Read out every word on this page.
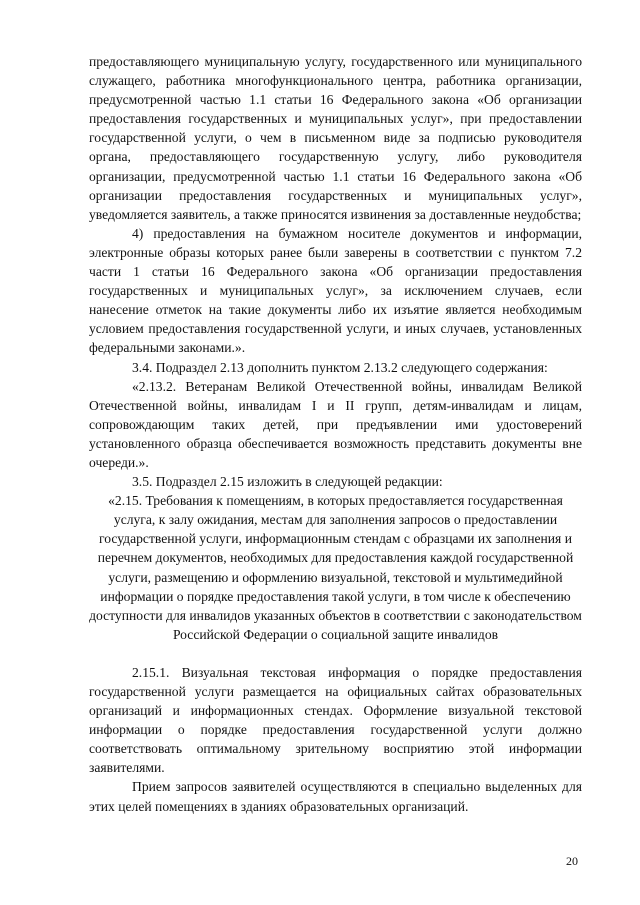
предоставляющего муниципальную услугу, государственного или муниципального служащего, работника многофункционального центра, работника организации, предусмотренной частью 1.1 статьи 16 Федерального закона «Об организации предоставления государственных и муниципальных услуг», при предоставлении государственной услуги, о чем в письменном виде за подписью руководителя органа, предоставляющего государственную услугу, либо руководителя организации, предусмотренной частью 1.1 статьи 16 Федерального закона «Об организации предоставления государственных и муниципальных услуг», уведомляется заявитель, а также приносятся извинения за доставленные неудобства;

4) предоставления на бумажном носителе документов и информации, электронные образы которых ранее были заверены в соответствии с пунктом 7.2 части 1 статьи 16 Федерального закона «Об организации предоставления государственных и муниципальных услуг», за исключением случаев, если нанесение отметок на такие документы либо их изъятие является необходимым условием предоставления государственной услуги, и иных случаев, установленных федеральными законами.».

3.4. Подраздел 2.13 дополнить пунктом 2.13.2 следующего содержания:

«2.13.2. Ветеранам Великой Отечественной войны, инвалидам Великой Отечественной войны, инвалидам I и II групп, детям-инвалидам и лицам, сопровождающим таких детей, при предъявлении ими удостоверений установленного образца обеспечивается возможность представить документы вне очереди.».

3.5. Подраздел 2.15 изложить в следующей редакции:

«2.15. Требования к помещениям, в которых предоставляется государственная услуга, к залу ожидания, местам для заполнения запросов о предоставлении государственной услуги, информационным стендам с образцами их заполнения и перечнем документов, необходимых для предоставления каждой государственной услуги, размещению и оформлению визуальной, текстовой и мультимедийной информации о порядке предоставления такой услуги, в том числе к обеспечению доступности для инвалидов указанных объектов в соответствии с законодательством Российской Федерации о социальной защите инвалидов

2.15.1. Визуальная текстовая информация о порядке предоставления государственной услуги размещается на официальных сайтах образовательных организаций и информационных стендах. Оформление визуальной текстовой информации о порядке предоставления государственной услуги должно соответствовать оптимальному зрительному восприятию этой информации заявителями.

Прием запросов заявителей осуществляются в специально выделенных для этих целей помещениях в зданиях образовательных организаций.

20
